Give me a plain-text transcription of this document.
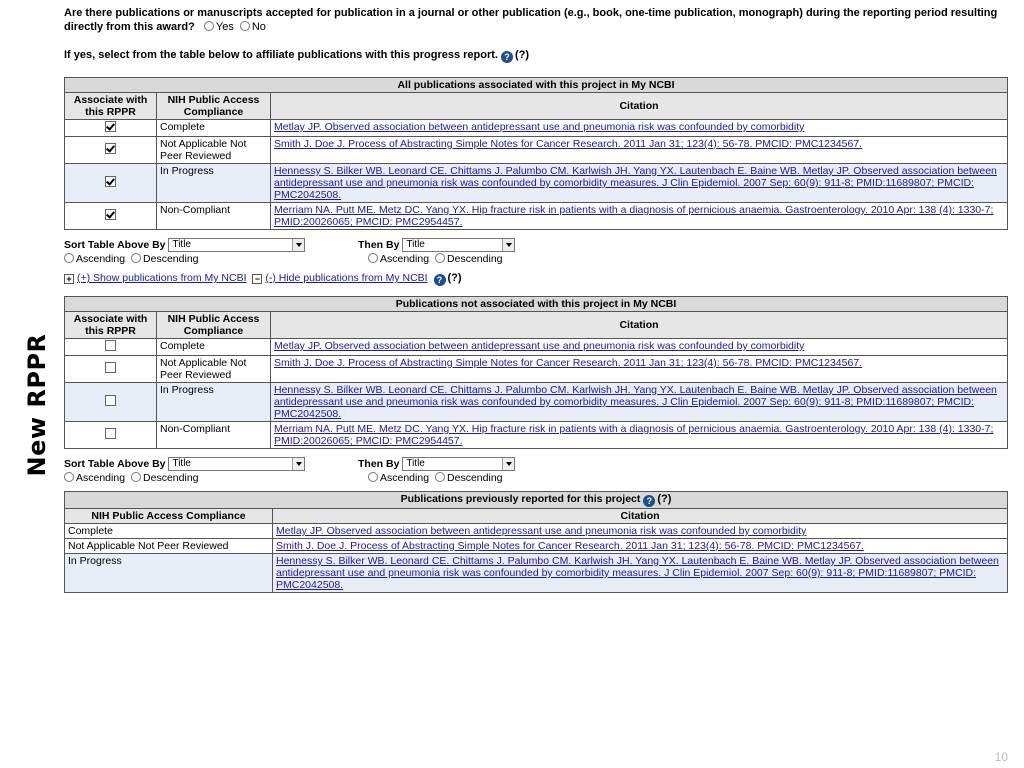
New RPPR

Are there publications or manuscripts accepted for publication in a journal or other publication (e.g., book, one-time publication, monograph) during the reporting period resulting directly from this award? Yes No

If yes, select from the table below to affiliate publications with this progress report. ? (?)

All publications associated with this project in My NCBI		
Associate with this RPPR	NIH Public Access Compliance	Citation
	Complete	Metlay JP. Observed association between antidepressant use and pneumonia risk was confounded by comorbidity
	Not Applicable Not Peer Reviewed	Smith J. Doe J. Process of Abstracting Simple Notes for Cancer Research. 2011 Jan 31; 123(4): 56-78. PMCID: PMC1234567.
	In Progress	Hennessy S. Bilker WB. Leonard CE. Chittams J. Palumbo CM. Karlwish JH. Yang YX. Lautenbach E. Baine WB. Metlay JP. Observed association between antidepressant use and pneumonia risk was confounded by comorbidity measures. J Clin Epidemiol. 2007 Sep: 60(9): 911-8; PMID:11689807; PMCID: PMC2042508.
	Non-Compliant	Merriam NA. Putt ME. Metz DC. Yang YX. Hip fracture risk in patients with a diagnosis of pernicious anaemia. Gastroenterology. 2010 Apr: 138 (4): 1330-7; PMID:20026065; PMCID: PMC2954457.
Sort Table Above By Title
Ascending Descending
Then By Title
Ascending Descending
+ (+) Show publications from My NCBI − (-) Hide publications from My NCBI ? (?)
Publications not associated with this project in My NCBI		
Associate with this RPPR	NIH Public Access Compliance	Citation
	Complete	Metlay JP. Observed association between antidepressant use and pneumonia risk was confounded by comorbidity
	Not Applicable Not Peer Reviewed	Smith J. Doe J. Process of Abstracting Simple Notes for Cancer Research. 2011 Jan 31; 123(4): 56-78. PMCID: PMC1234567.
	In Progress	Hennessy S. Bilker WB. Leonard CE. Chittams J. Palumbo CM. Karlwish JH. Yang YX. Lautenbach E. Baine WB. Metlay JP. Observed association between antidepressant use and pneumonia risk was confounded by comorbidity measures. J Clin Epidemiol. 2007 Sep: 60(9): 911-8; PMID:11689807; PMCID: PMC2042508.
	Non-Compliant	Merriam NA. Putt ME. Metz DC. Yang YX. Hip fracture risk in patients with a diagnosis of pernicious anaemia. Gastroenterology. 2010 Apr: 138 (4): 1330-7; PMID:20026065; PMCID: PMC2954457.
Sort Table Above By Title
Ascending Descending
Then By Title
Ascending Descending
Publications previously reported for this project ? (?)	
NIH Public Access Compliance	Citation
Complete	Metlay JP. Observed association between antidepressant use and pneumonia risk was confounded by comorbidity
Not Applicable Not Peer Reviewed	Smith J. Doe J. Process of Abstracting Simple Notes for Cancer Research. 2011 Jan 31; 123(4): 56-78. PMCID: PMC1234567.
In Progress	Hennessy S. Bilker WB. Leonard CE. Chittams J. Palumbo CM. Karlwish JH. Yang YX. Lautenbach E. Baine WB. Metlay JP. Observed association between antidepressant use and pneumonia risk was confounded by comorbidity measures. J Clin Epidemiol. 2007 Sep: 60(9): 911-8; PMID:11689807; PMCID: PMC2042508.
10
